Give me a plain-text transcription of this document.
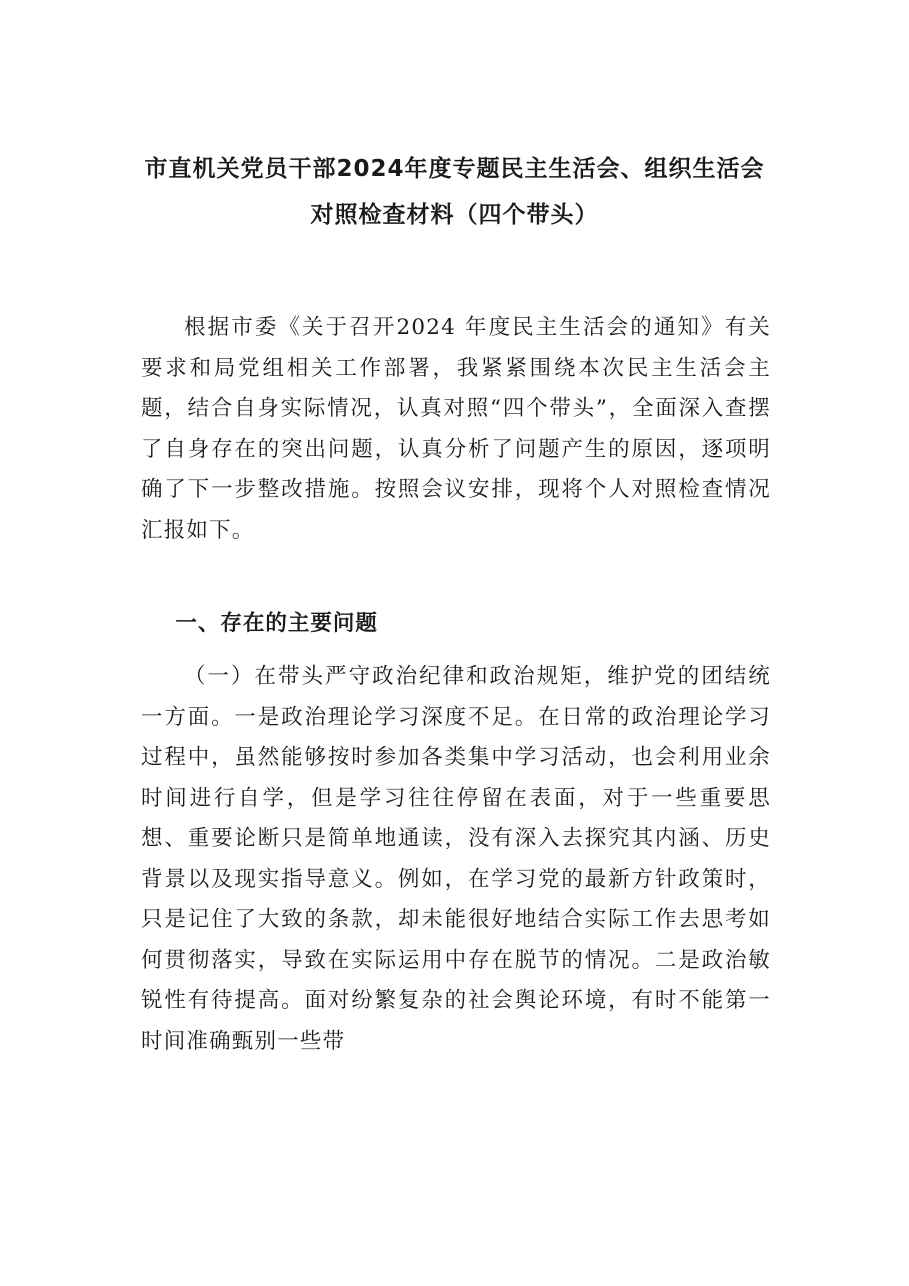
市直机关党员干部2024年度专题民主生活会、组织生活会
对照检查材料（四个带头）

根据市委《关于召开2024 年度民主生活会的通知》有关要求和局党组相关工作部署，我紧紧围绕本次民主生活会主题，结合自身实际情况，认真对照“四个带头”，全面深入查摆了自身存在的突出问题，认真分析了问题产生的原因，逐项明确了下一步整改措施。按照会议安排，现将个人对照检查情况汇报如下。

一、存在的主要问题

（一）在带头严守政治纪律和政治规矩，维护党的团结统一方面。一是政治理论学习深度不足。在日常的政治理论学习过程中，虽然能够按时参加各类集中学习活动，也会利用业余时间进行自学，但是学习往往停留在表面，对于一些重要思想、重要论断只是简单地通读，没有深入去探究其内涵、历史背景以及现实指导意义。例如，在学习党的最新方针政策时，只是记住了大致的条款，却未能很好地结合实际工作去思考如何贯彻落实，导致在实际运用中存在脱节的情况。二是政治敏锐性有待提高。面对纷繁复杂的社会舆论环境，有时不能第一时间准确甄别一些带
